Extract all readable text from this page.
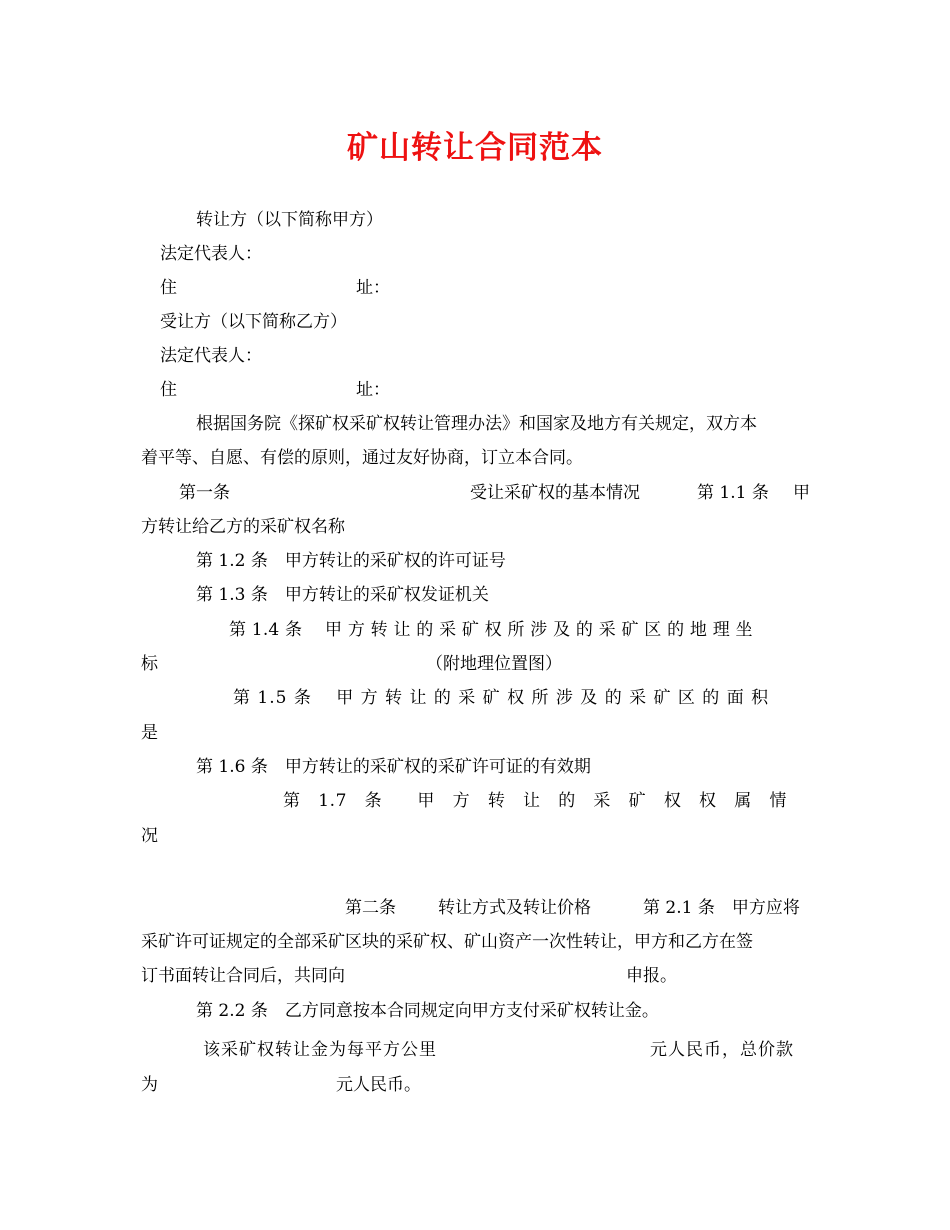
矿山转让合同范本
转让方（以下简称甲方）
法定代表人：
住	址：
受让方（以下简称乙方）
法定代表人：
住	址：
根据国务院《探矿权采矿权转让管理办法》和国家及地方有关规定，双方本
着平等、自愿、有偿的原则，通过友好协商，订立本合同。
第一条	受让采矿权的基本情况	第 1.1 条 甲
方转让给乙方的采矿权名称
第 1.2 条　甲方转让的采矿权的许可证号
第 1.3 条　甲方转让的采矿权发证机关
第 1.4 条　 甲 方 转 让 的 采 矿 权 所 涉 及 的 采 矿 区 的 地 理 坐
标	（附地理位置图）
第 1.5 条　 甲 方 转 让 的 采 矿 权 所 涉 及 的 采 矿 区 的 面 积
是
第 1.6 条　甲方转让的采矿权的采矿许可证的有效期
第　1.7　条　　甲　方　转　让　的　采　矿　权　权　属　情
况
第二条 转让方式及转让价格	第 2.1 条　甲方应将
采矿许可证规定的全部采矿区块的采矿权、矿山资产一次性转让，甲方和乙方在签
订书面转让合同后，共同向	申报。
第 2.2 条　乙方同意按本合同规定向甲方支付采矿权转让金。
该采矿权转让金为每平方公里	元人民币，总价款
为	元人民币。
